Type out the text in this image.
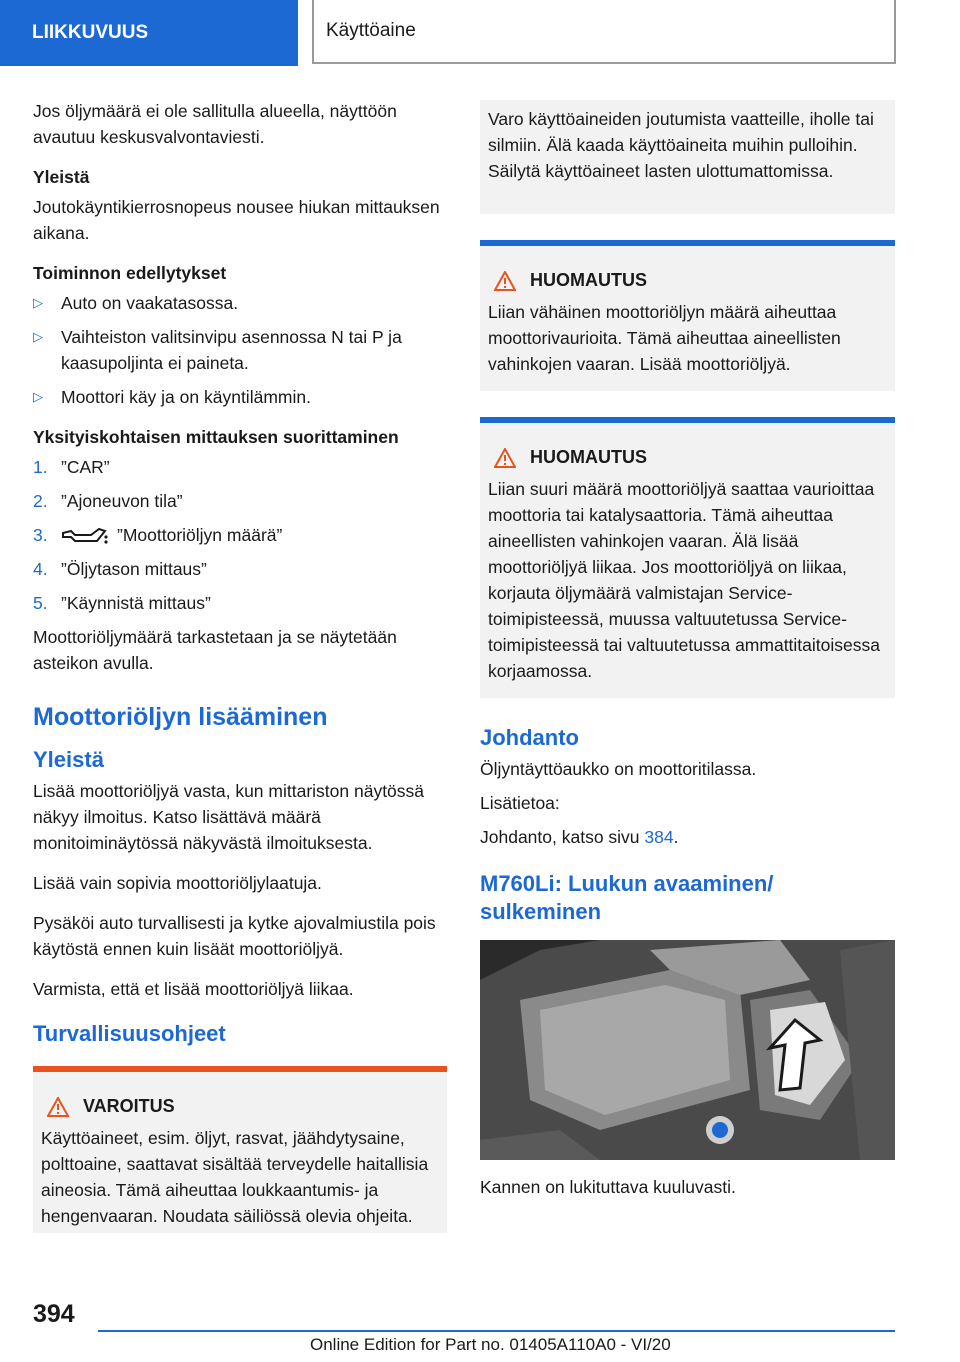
LIIKKUVUUS	Käyttöaine

Jos öljymäärä ei ole sallitulla alueella, näyttöön avautuu keskusvalvontaviesti.

Yleistä

Joutokäyntikierrosnopeus nousee hiukan mittauksen aikana.

Toiminnon edellytykset
▷ Auto on vaakatasossa.
▷ Vaihteiston valitsinvipu asennossa N tai P ja kaasupoljinta ei paineta.
▷ Moottori käy ja on käyntilämmin.
Yksityiskohtaisen mittauksen suorittaminen
1. ”CAR”
2. ”Ajoneuvon tila”
3.	”Moottoriöljyn määrä”
4. ”Öljytason mittaus”
5. ”Käynnistä mittaus”

Moottoriöljymäärä tarkastetaan ja se näytetään asteikon avulla.

Moottoriöljyn lisääminen
Yleistä

Lisää moottoriöljyä vasta, kun mittariston näytössä näkyy ilmoitus. Katso lisättävä määrä monitoiminäytössä näkyvästä ilmoituksesta.

Lisää vain sopivia moottoriöljylaatuja.

Pysäköi auto turvallisesti ja kytke ajovalmiustila pois käytöstä ennen kuin lisäät moottoriöljyä.

Varmista, että et lisää moottoriöljyä liikaa.

Turvallisuusohjeet
VAROITUS

Käyttöaineet, esim. öljyt, rasvat, jäähdytysaine, polttoaine, saattavat sisältää terveydelle haitallisia aineosia. Tämä aiheuttaa loukkaantumis- ja hengenvaaran. Noudata säiliössä olevia ohjeita.

Varo käyttöaineiden joutumista vaatteille, iholle tai silmiin. Älä kaada käyttöaineita muihin pulloihin. Säilytä käyttöaineet lasten ulottumattomissa.

HUOMAUTUS

Liian vähäinen moottoriöljyn määrä aiheuttaa moottorivaurioita. Tämä aiheuttaa aineellisten vahinkojen vaaran. Lisää moottoriöljyä.

HUOMAUTUS

Liian suuri määrä moottoriöljyä saattaa vaurioittaa moottoria tai katalysaattoria. Tämä aiheuttaa aineellisten vahinkojen vaaran. Älä lisää moottoriöljyä liikaa. Jos moottoriöljyä on liikaa, korjauta öljymäärä valmistajan Service-toimipisteessä, muussa valtuutetussa Service-toimipisteessä tai valtuutetussa ammattitaitoisessa korjaamossa.

Johdanto

Öljyntäyttöaukko on moottoritilassa.

Lisätietoa:

Johdanto, katso sivu 384.

M760Li: Luukun avaaminen/ sulkeminen

Kannen on lukituttava kuuluvasti.

394
Online Edition for Part no. 01405A110A0 - VI/20
